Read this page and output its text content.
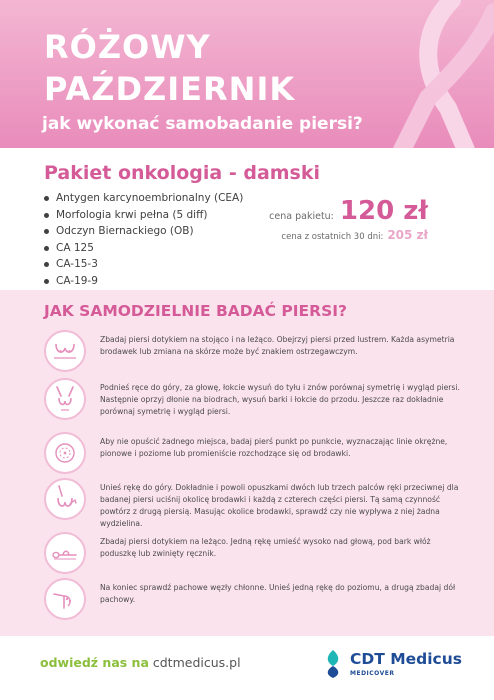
RÓŻOWY
PAŹDZIERNIK
jak wykonać samobadanie piersi?
Pakiet onkologia - damski
Antygen karcynoembrionalny (CEA)
Morfologia krwi pełna (5 diff)
Odczyn Biernackiego (OB)
CA 125
CA-15-3
CA-19-9
cena pakietu: 120 zł
cena z ostatnich 30 dni: 205 zł
JAK SAMODZIELNIE BADAĆ PIERSI?
Zbadaj piersi dotykiem na stojąco i na leżąco. Obejrzyj piersi przed lustrem. Każda asymetria brodawek lub zmiana na skórze może być znakiem ostrzegawczym.
Podnieś ręce do góry, za głowę, łokcie wysuń do tyłu i znów porównaj symetrię i wygląd piersi. Następnie oprzyj dłonie na biodrach, wysuń barki i łokcie do przodu. Jeszcze raz dokładnie porównaj symetrię i wygląd piersi.
Aby nie opuścić żadnego miejsca, badaj pierś punkt po punkcie, wyznaczając linie okrężne, pionowe i poziome lub promieniście rozchodzące się od brodawki.
Unieś rękę do góry. Dokładnie i powoli opuszkami dwóch lub trzech palców ręki przeciwnej dla badanej piersi uciśnij okolicę brodawki i każdą z czterech części piersi. Tą samą czynność powtórz z drugą piersią. Masując okolice brodawki, sprawdź czy nie wypływa z niej żadna wydzielina.
Zbadaj piersi dotykiem na leżąco. Jedną rękę umieść wysoko nad głową, pod bark włóż poduszkę lub zwinięty ręcznik.
Na koniec sprawdź pachowe węzły chłonne. Unieś jedną rękę do poziomu, a drugą zbadaj dół pachowy.
odwiedź nas na cdtmedicus.pl	CDT Medicus
MEDICOVER
